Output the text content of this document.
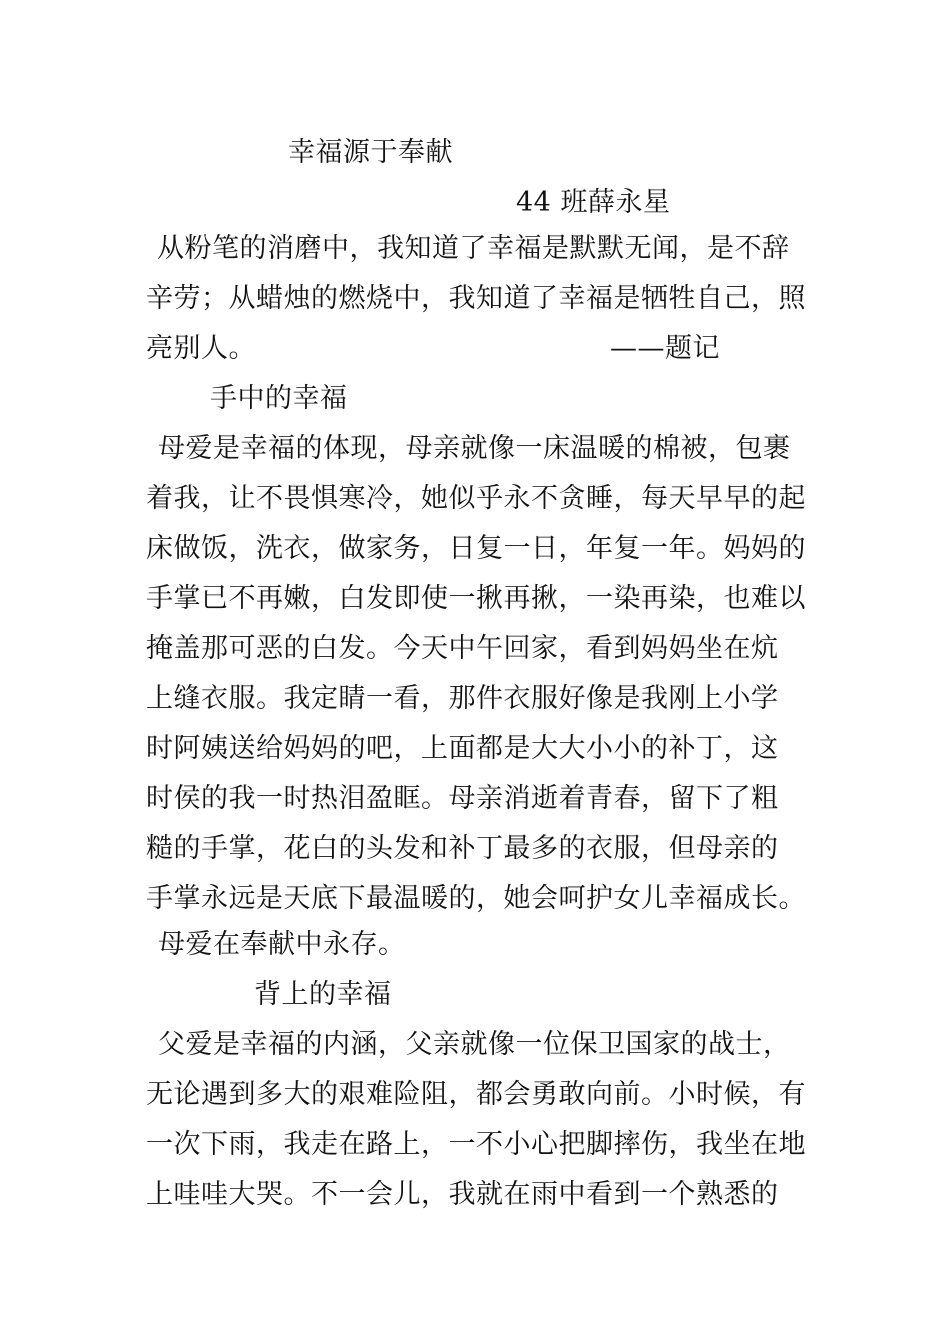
幸福源于奉献
44 班薛永星
从粉笔的消磨中，我知道了幸福是默默无闻，是不辞
辛劳；从蜡烛的燃烧中，我知道了幸福是牺牲自己，照
亮别人。	——题记
手中的幸福
母爱是幸福的体现，母亲就像一床温暖的棉被，包裹
着我，让不畏惧寒冷，她似乎永不贪睡，每天早早的起
床做饭，洗衣，做家务，日复一日，年复一年。妈妈的
手掌已不再嫩，白发即使一揪再揪，一染再染，也难以
掩盖那可恶的白发。今天中午回家，看到妈妈坐在炕
上缝衣服。我定睛一看，那件衣服好像是我刚上小学
时阿姨送给妈妈的吧，上面都是大大小小的补丁，这
时侯的我一时热泪盈眶。母亲消逝着青春，留下了粗
糙的手掌，花白的头发和补丁最多的衣服，但母亲的
手掌永远是天底下最温暖的，她会呵护女儿幸福成长。
母爱在奉献中永存。
背上的幸福
父爱是幸福的内涵，父亲就像一位保卫国家的战士，
无论遇到多大的艰难险阻，都会勇敢向前。小时候，有
一次下雨，我走在路上，一不小心把脚摔伤，我坐在地
上哇哇大哭。不一会儿，我就在雨中看到一个熟悉的
